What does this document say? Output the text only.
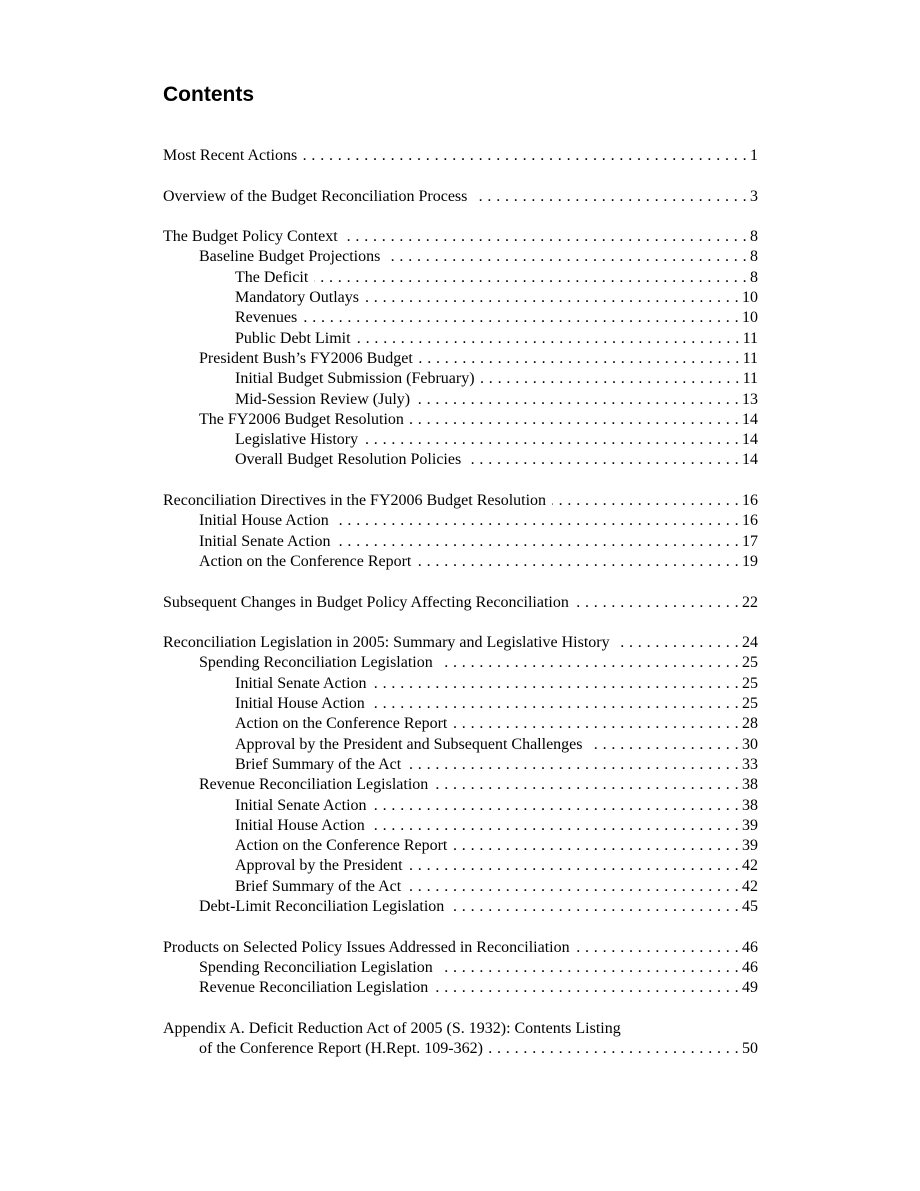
Contents
Most Recent Actions . . .	1
Overview of the Budget Reconciliation Process . . .	3
The Budget Policy Context . . .	8
Baseline Budget Projections . . .	8
The Deficit . . .	8
Mandatory Outlays . . .	10
Revenues . . .	10
Public Debt Limit . . .	11
President Bush’s FY2006 Budget . . .	11
Initial Budget Submission (February) . . .	11
Mid-Session Review (July) . . .	13
The FY2006 Budget Resolution . . .	14
Legislative History . . .	14
Overall Budget Resolution Policies . . .	14
Reconciliation Directives in the FY2006 Budget Resolution . . .	16
Initial House Action . . .	16
Initial Senate Action . . .	17
Action on the Conference Report . . .	19
Subsequent Changes in Budget Policy Affecting Reconciliation . . .	22
Reconciliation Legislation in 2005: Summary and Legislative History . . .	24
Spending Reconciliation Legislation . . .	25
Initial Senate Action . . .	25
Initial House Action . . .	25
Action on the Conference Report . . .	28
Approval by the President and Subsequent Challenges . . .	30
Brief Summary of the Act . . .	33
Revenue Reconciliation Legislation . . .	38
Initial Senate Action . . .	38
Initial House Action . . .	39
Action on the Conference Report . . .	39
Approval by the President . . .	42
Brief Summary of the Act . . .	42
Debt-Limit Reconciliation Legislation . . .	45
Products on Selected Policy Issues Addressed in Reconciliation . . .	46
Spending Reconciliation Legislation . . .	46
Revenue Reconciliation Legislation . . .	49
Appendix A. Deficit Reduction Act of 2005 (S. 1932): Contents Listing
of the Conference Report (H.Rept. 109-362) . . .	50
